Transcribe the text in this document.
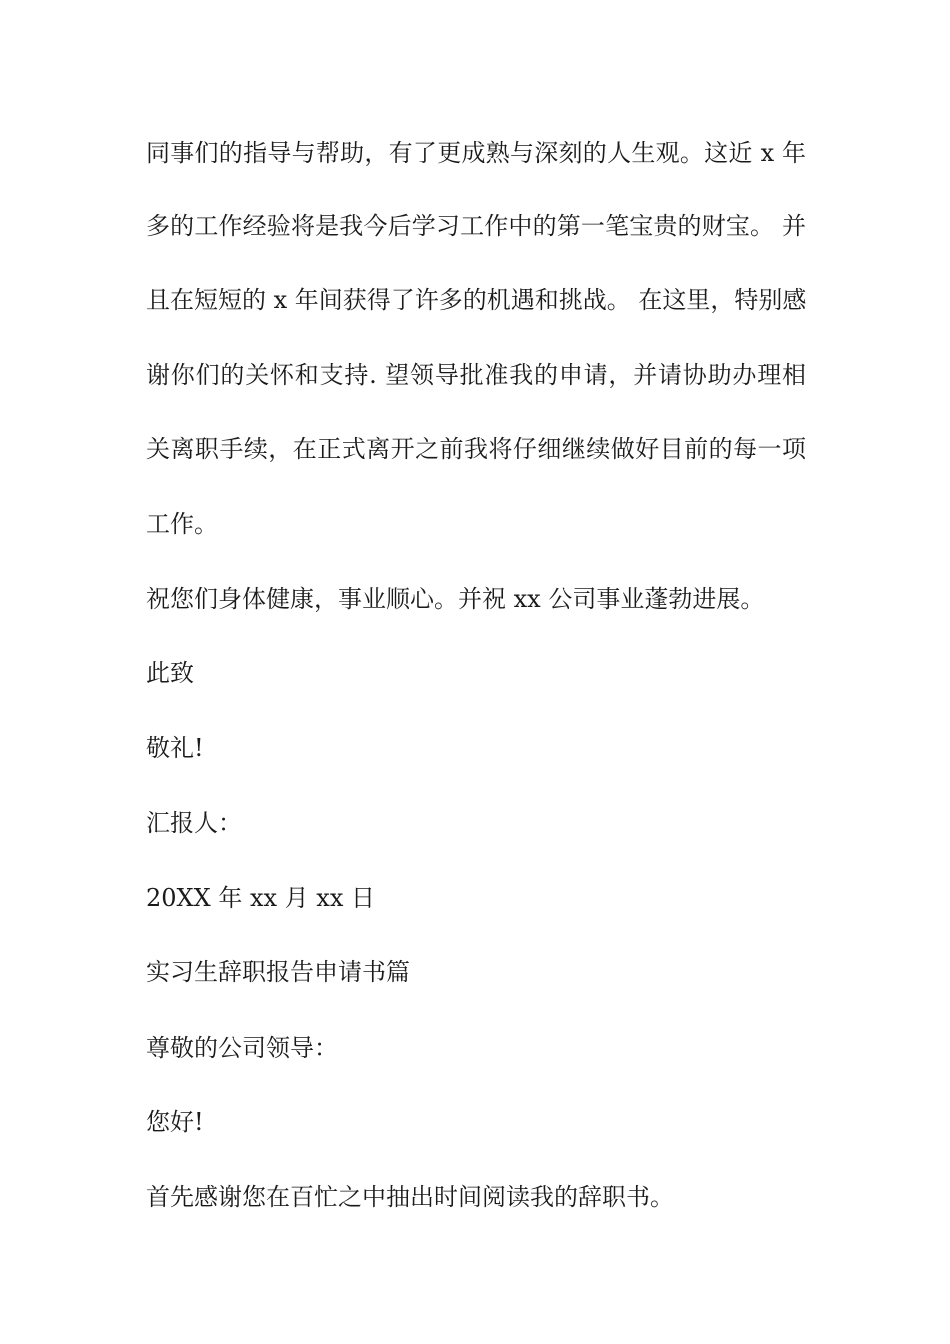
同事们的指导与帮助，有了更成熟与深刻的人生观。这近 x 年
多的工作经验将是我今后学习工作中的第一笔宝贵的财宝。 并
且在短短的 x 年间获得了许多的机遇和挑战。 在这里，特别感
谢你们的关怀和支持. 望领导批准我的申请，并请协助办理相
关离职手续，在正式离开之前我将仔细继续做好目前的每一项
工作。
祝您们身体健康，事业顺心。并祝 xx 公司事业蓬勃进展。
此致
敬礼!
汇报人：
20XX 年 xx 月 xx 日
实习生辞职报告申请书篇
尊敬的公司领导：
您好!
首先感谢您在百忙之中抽出时间阅读我的辞职书。
